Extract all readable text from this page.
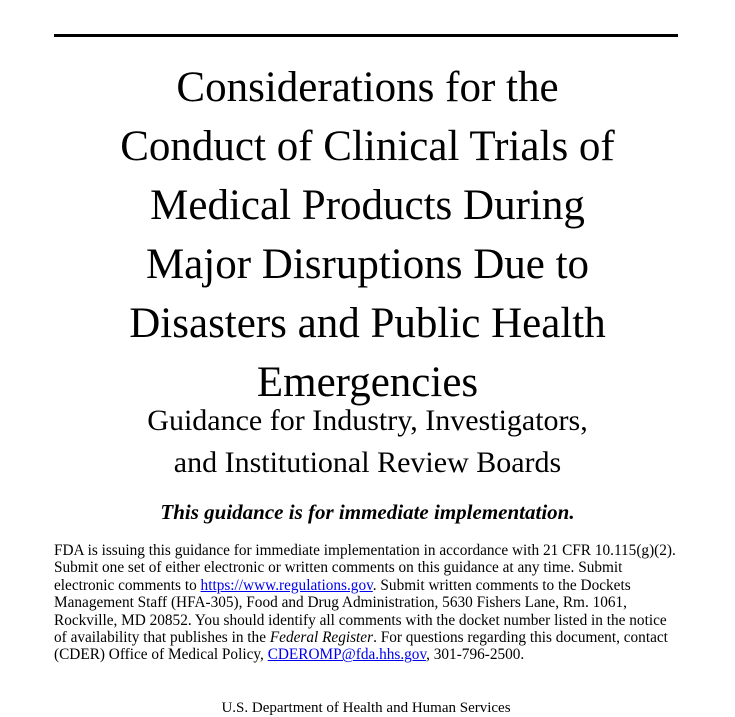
Considerations for the
Conduct of Clinical Trials of
Medical Products During
Major Disruptions Due to
Disasters and Public Health
Emergencies
Guidance for Industry, Investigators,
and Institutional Review Boards

This guidance is for immediate implementation.

FDA is issuing this guidance for immediate implementation in accordance with 21 CFR 10.115(g)(2). Submit one set of either electronic or written comments on this guidance at any time. Submit electronic comments to https://www.regulations.gov. Submit written comments to the Dockets Management Staff (HFA-305), Food and Drug Administration, 5630 Fishers Lane, Rm. 1061, Rockville, MD 20852. You should identify all comments with the docket number listed in the notice of availability that publishes in the Federal Register. For questions regarding this document, contact (CDER) Office of Medical Policy, CDEROMP@fda.hhs.gov, 301-796-2500.

U.S. Department of Health and Human Services
